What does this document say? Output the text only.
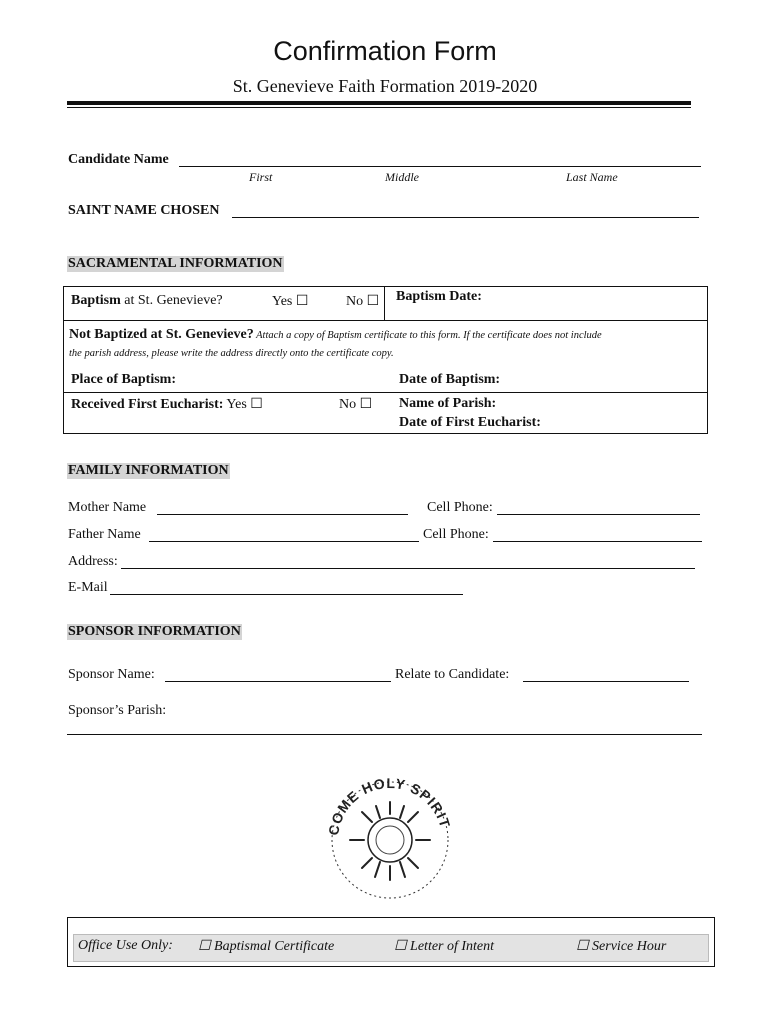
Confirmation Form
St. Genevieve Faith Formation 2019-2020
Candidate Name
First	Middle	Last Name
SAINT NAME CHOSEN
SACRAMENTAL INFORMATION
Baptism at St. Genevieve?	Yes ☐	No ☐ Baptism Date:
Not Baptized at St. Genevieve? Attach a copy of Baptism certificate to this form. If the certificate does not include
the parish address, please write the address directly onto the certificate copy.
Place of Baptism:	Date of Baptism:
Received First Eucharist: Yes ☐	No ☐ Name of Parish:
Date of First Eucharist:
FAMILY INFORMATION
Mother Name	Cell Phone:
Father Name	Cell Phone:
Address:
E-Mail
SPONSOR INFORMATION
Sponsor Name:	Relate to Candidate:
Sponsor’s Parish:
COME HOLY SPIRIT
Office Use Only: ☐ Baptismal Certificate	☐ Letter of Intent	☐ Service Hour
